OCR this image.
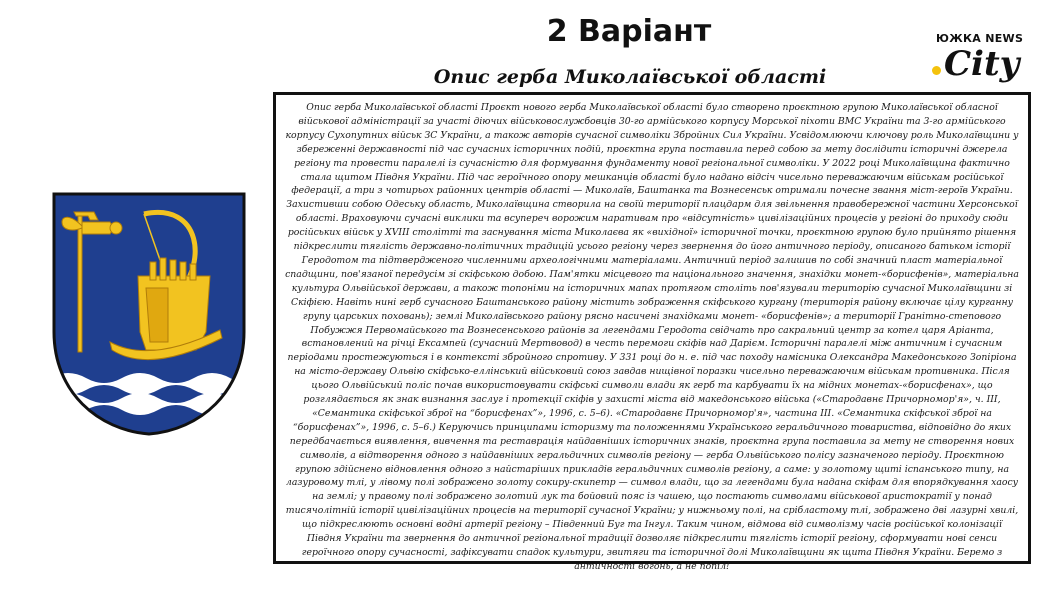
2 Варіант
Опис герба Миколаївської області
ЮЖКА NEWS
City

Опис герба Миколаївської області Проєкт нового герба Миколаївської області було створено проєктною групою Миколаївської обласної військової адміністрації за участі діючих військовослужбовців 30-го армійського корпусу Морської піхоти ВМС України та 3-го армійського корпусу Сухопутних військ ЗС України, а також авторів сучасної символіки Збройних Сил України. Усвідомлюючи ключову роль Миколаївщини у збереженні державності під час сучасних історичних подій, проєктна група поставила перед собою за мету дослідити історичні джерела регіону та провести паралелі із сучасністю для формування фундаменту нової регіональної символіки. У 2022 році Миколаївщина фактично стала щитом Півдня України. Під час героїчного опору мешканців області було надано відсіч чисельно переважаючим військам російської федерації, а три з чотирьох районних центрів області — Миколаїв, Баштанка та Вознесенськ отримали почесне звання міст-героїв України. Захистивши собою Одеську область, Миколаївщина створила на своїй території плацдарм для звільнення правобережної частини Херсонської області. Враховуючи сучасні виклики та всупереч ворожим наративам про «відсутність» цивілізаційних процесів у регіоні до приходу сюди російських військ у XVIII столітті та заснування міста Миколаєва як «вихідної» історичної точки, проєктною групою було прийнято рішення підкреслити тяглість державно-політичних традицій усього регіону через звернення до його античного періоду, описаного батьком історії Геродотом та підтвердженого численними археологічними матеріалами. Античний період залишив по собі значний пласт матеріальної спадщини, пов'язаної передусім зі скіфською добою. Пам'ятки місцевого та національного значення, знахідки монет-«борисфенів», матеріальна культура Ольвійської держави, а також топоніми на історичних мапах протягом століть пов'язували територію сучасної Миколаївщини зі Скіфією. Навіть нині герб сучасного Баштанського району містить зображення скіфського кургану (територія району включає цілу курганну групу царських поховань); землі Миколаївського району рясно насичені знахідками монет- «борисфенів»; а території Гранітно-степового Побужжя Первомайського та Вознесенського районів за легендами Геродота свідчать про сакральний центр за котел царя Аріанта, встановлений на річці Ексампей (сучасний Мертвовод) в честь перемоги скіфів над Дарієм. Історичні паралелі між античним і сучасним періодами простежуються і в контексті збройного спротиву. У 331 році до н. е. під час походу намісника Олександра Македонського Зопіріона на місто-державу Ольвію скіфсько-еллінський військовий союз завдав нищівної поразки чисельно переважаючим військам противника. Після цього Ольвійський поліс почав використовувати скіфські символи влади як герб та карбувати їх на мідних монетах-«борисфенах», що розглядається як знак визнання заслуг і протекції скіфів у захисті міста від македонського війська («Стародавнє Причорномор'я», ч. III, «Семантика скіфської зброї на “борисфенах”», 1996, с. 5–6). «Стародавнє Причорномор'я», частина III. «Семантика скіфської зброї на “борисфенах”», 1996, с. 5–6.) Керуючись принципами історизму та положеннями Українського геральдичного товариства, відповідно до яких передбачається виявлення, вивчення та реставрація найдавніших історичних знаків, проєктна група поставила за мету не створення нових символів, а відтворення одного з найдавніших геральдичних символів регіону — герба Ольвійського полісу зазначеного періоду. Проєктною групою здійснено відновлення одного з найстаріших прикладів геральдичних символів регіону, а саме: у золотому щиті іспанського типу, на лазуровому тлі, у лівому полі зображено золоту сокиру-скипетр — символ влади, що за легендами була надана скіфам для впорядкування хаосу на землі; у правому полі зображено золотий лук та бойовий пояс із чашею, що постають символами військової аристократії у понад тисячолітній історії цивілізаційних процесів на території сучасної України; у нижньому полі, на срібластому тлі, зображено дві лазурні хвилі, що підкреслюють основні водні артерії регіону – Південний Буг та Інгул. Таким чином, відмова від символізму часів російської колонізації Півдня України та звернення до античної регіональної традиції дозволяє підкреслити тяглість історії регіону, сформувати нові сенси героїчного опору сучасності, зафіксувати спадок культури, звитяги та історичної долі Миколаївщини як щита Півдня України. Беремо з античності вогонь, а не попіл!
